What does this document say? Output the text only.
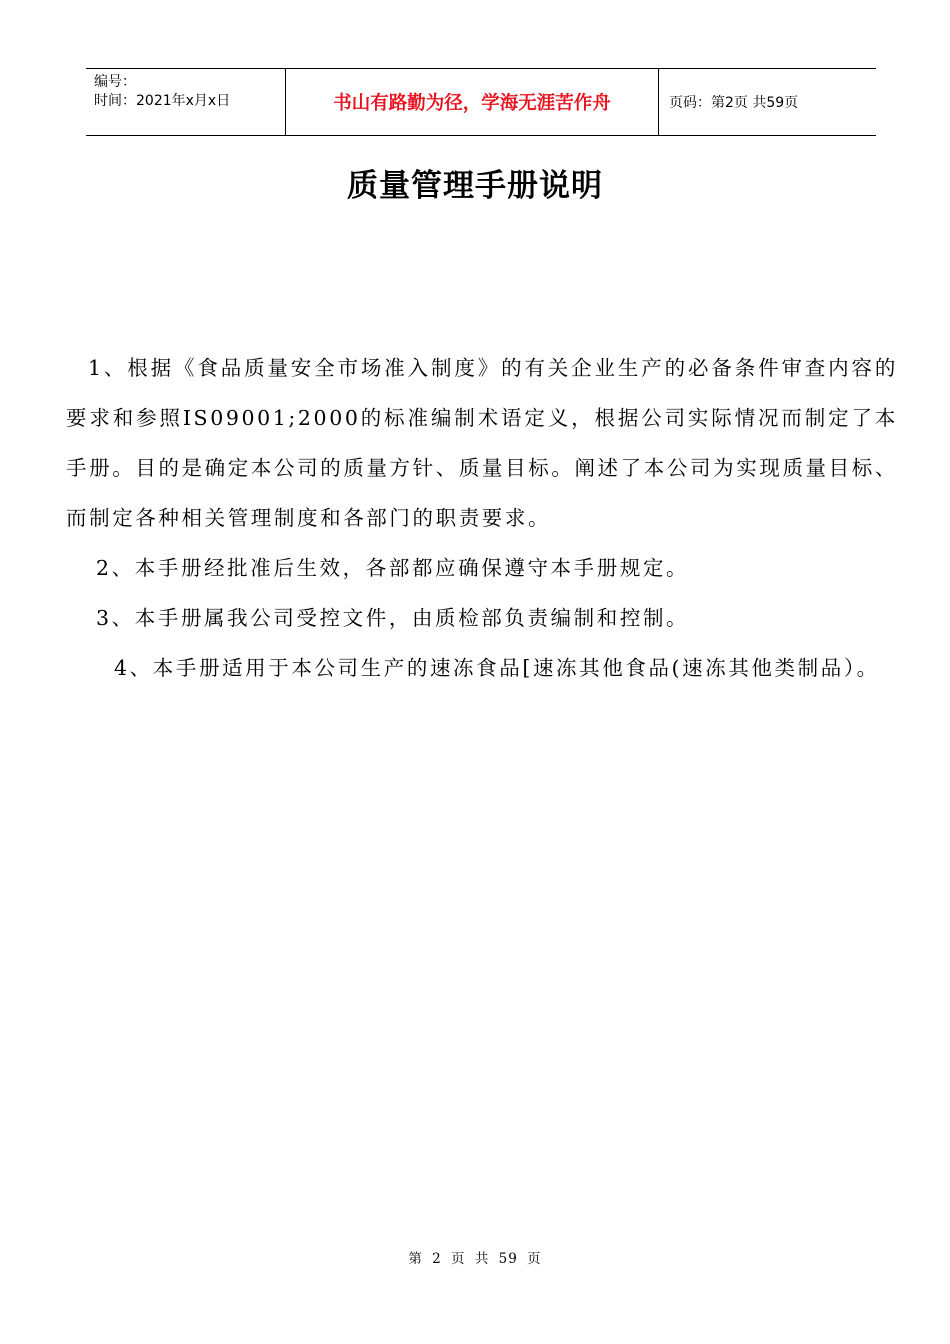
编号：
时间：2021年x月x日	书山有路勤为径，学海无涯苦作舟	页码：第2页 共59页
质量管理手册说明

1、根据《食品质量安全市场准入制度》的有关企业生产的必备条件审查内容的要求和参照IS09001;2000的标准编制术语定义，根据公司实际情况而制定了本手册。目的是确定本公司的质量方针、质量目标。阐述了本公司为实现质量目标、而制定各种相关管理制度和各部门的职责要求。

2、本手册经批准后生效，各部都应确保遵守本手册规定。

3、本手册属我公司受控文件，由质检部负责编制和控制。

4、本手册适用于本公司生产的速冻食品[速冻其他食品(速冻其他类制品）。

第 2 页 共 59 页
